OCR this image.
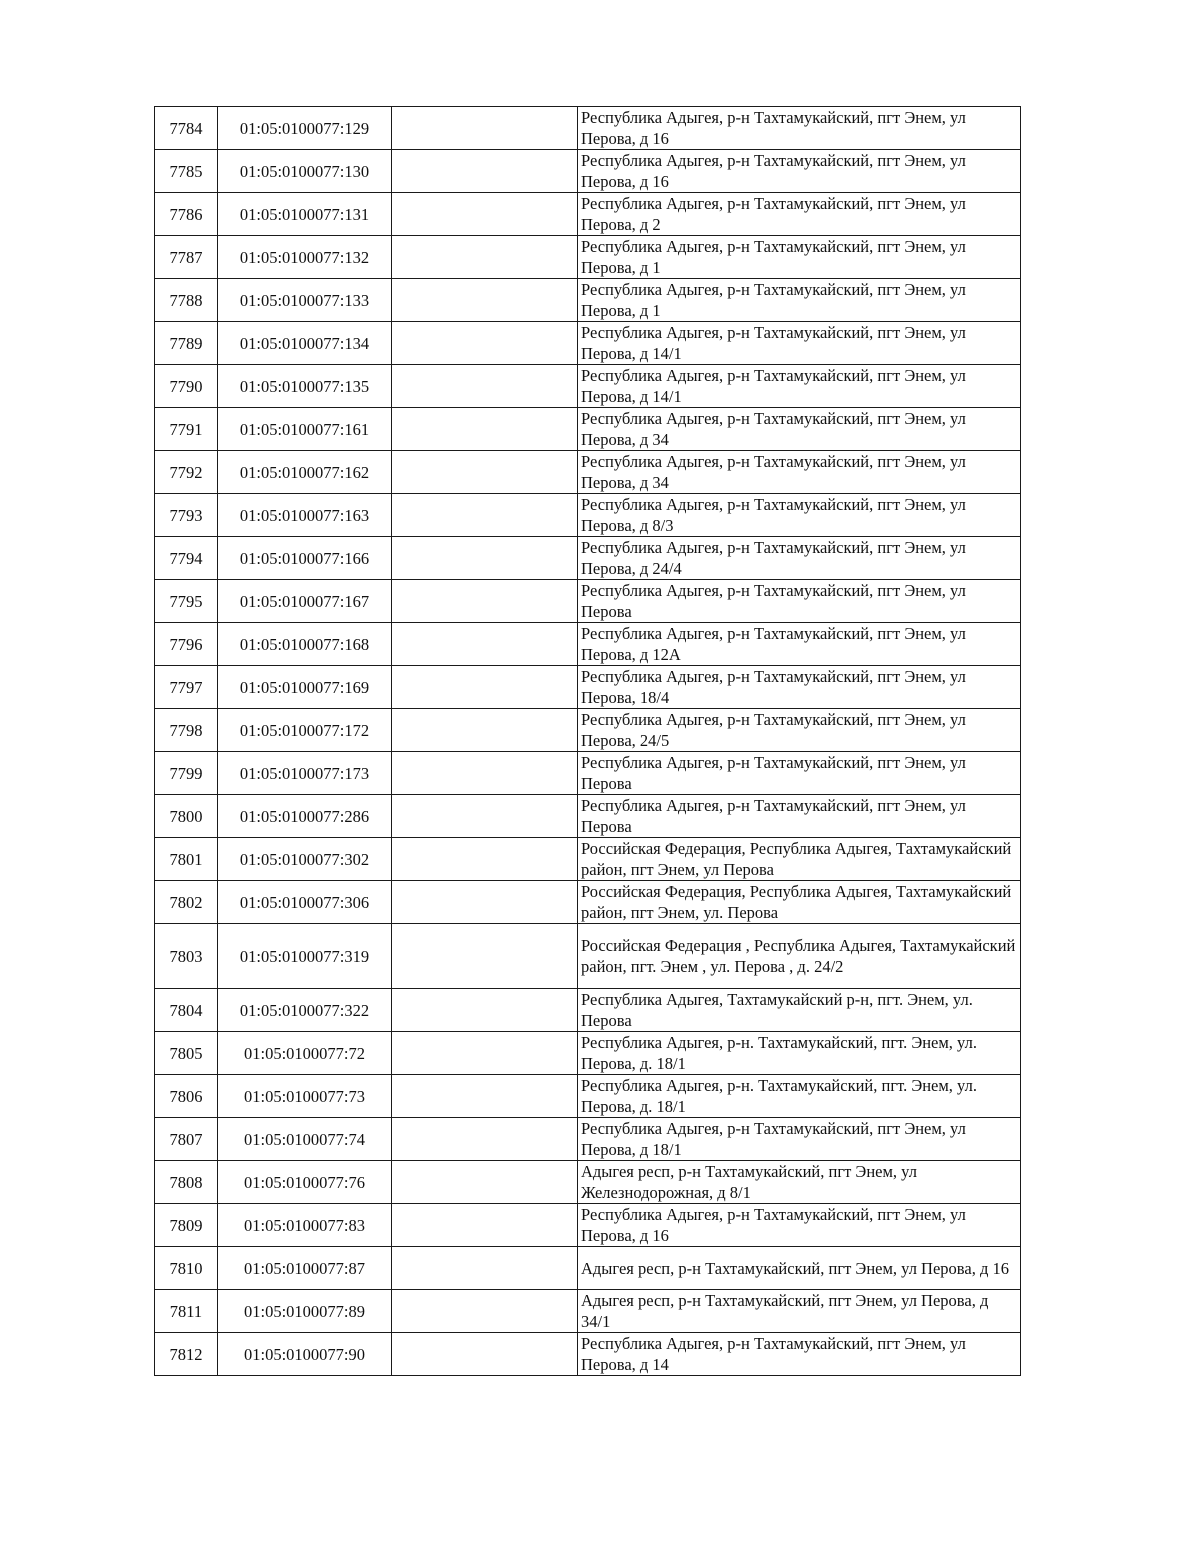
7784	01:05:0100077:129		Республика Адыгея, р-н Тахтамукайский, пгт Энем, ул Перова, д 16
7785	01:05:0100077:130		Республика Адыгея, р-н Тахтамукайский, пгт Энем, ул Перова, д 16
7786	01:05:0100077:131		Республика Адыгея, р-н Тахтамукайский, пгт Энем, ул Перова, д 2
7787	01:05:0100077:132		Республика Адыгея, р-н Тахтамукайский, пгт Энем, ул Перова, д 1
7788	01:05:0100077:133		Республика Адыгея, р-н Тахтамукайский, пгт Энем, ул Перова, д 1
7789	01:05:0100077:134		Республика Адыгея, р-н Тахтамукайский, пгт Энем, ул Перова, д 14/1
7790	01:05:0100077:135		Республика Адыгея, р-н Тахтамукайский, пгт Энем, ул Перова, д 14/1
7791	01:05:0100077:161		Республика Адыгея, р-н Тахтамукайский, пгт Энем, ул Перова, д 34
7792	01:05:0100077:162		Республика Адыгея, р-н Тахтамукайский, пгт Энем, ул Перова, д 34
7793	01:05:0100077:163		Республика Адыгея, р-н Тахтамукайский, пгт Энем, ул Перова, д 8/3
7794	01:05:0100077:166		Республика Адыгея, р-н Тахтамукайский, пгт Энем, ул Перова, д 24/4
7795	01:05:0100077:167		Республика Адыгея, р-н Тахтамукайский, пгт Энем, ул Перова
7796	01:05:0100077:168		Республика Адыгея, р-н Тахтамукайский, пгт Энем, ул Перова, д 12А
7797	01:05:0100077:169		Республика Адыгея, р-н Тахтамукайский, пгт Энем, ул Перова, 18/4
7798	01:05:0100077:172		Республика Адыгея, р-н Тахтамукайский, пгт Энем, ул Перова, 24/5
7799	01:05:0100077:173		Республика Адыгея, р-н Тахтамукайский, пгт Энем, ул Перова
7800	01:05:0100077:286		Республика Адыгея, р-н Тахтамукайский, пгт Энем, ул Перова
7801	01:05:0100077:302		Российская Федерация, Республика Адыгея, Тахтамукайский район, пгт Энем, ул Перова
7802	01:05:0100077:306		Российская Федерация, Республика Адыгея, Тахтамукайский район, пгт Энем, ул. Перова
7803	01:05:0100077:319		Российская Федерация , Республика Адыгея, Тахтамукайский район, пгт. Энем , ул. Перова , д. 24/2
7804	01:05:0100077:322		Республика Адыгея, Тахтамукайский р-н, пгт. Энем, ул. Перова
7805	01:05:0100077:72		Республика Адыгея, р-н. Тахтамукайский, пгт. Энем, ул. Перова, д. 18/1
7806	01:05:0100077:73		Республика Адыгея, р-н. Тахтамукайский, пгт. Энем, ул. Перова, д. 18/1
7807	01:05:0100077:74		Республика Адыгея, р-н Тахтамукайский, пгт Энем, ул Перова, д 18/1
7808	01:05:0100077:76		Адыгея респ, р-н Тахтамукайский, пгт Энем, ул Железнодорожная, д 8/1
7809	01:05:0100077:83		Республика Адыгея, р-н Тахтамукайский, пгт Энем, ул Перова, д 16
7810	01:05:0100077:87		Адыгея респ, р-н Тахтамукайский, пгт Энем, ул Перова, д 16
7811	01:05:0100077:89		Адыгея респ, р-н Тахтамукайский, пгт Энем, ул Перова, д 34/1
7812	01:05:0100077:90		Республика Адыгея, р-н Тахтамукайский, пгт Энем, ул Перова, д 14
